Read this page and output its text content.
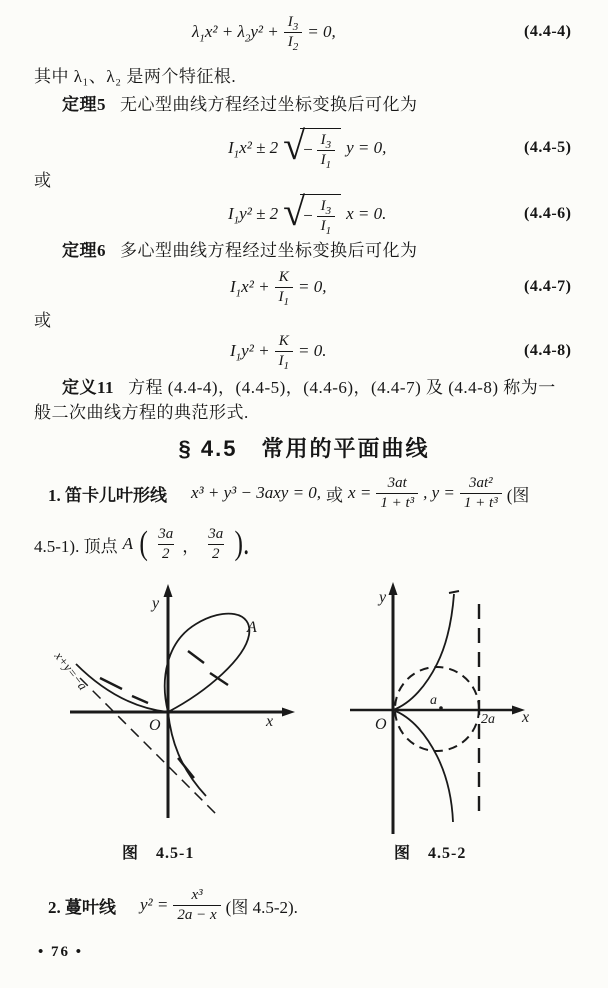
$\lambda_1x^2 + \lambda_2y^2 + \frac{I_3}{I_2} = 0$,	(4.4-4)
其中 λ₁、λ₂ 是两个特征根.
定理5 无心型曲线方程经过坐标变换后可化为
$I_1x^2 \pm 2$ √
− $\frac{I_3}{I_1}$ y = 0,	(4.4-5)
或
$I_1y^2 \pm 2$ √
− $\frac{I_3}{I_1}$ x = 0.	(4.4-6)
定理6 多心型曲线方程经过坐标变换后可化为
$I_1x^2 + \frac{K}{I_1} = 0$,	(4.4-7)
或
$I_1y^2 + \frac{K}{I_1} = 0$.	(4.4-8)
定义11 方程 (4.4-4)，(4.4-5)，(4.4-6)，(4.4-7) 及 (4.4-8) 称为一
般二次曲线方程的典范形式.
§ 4.5　常用的平面曲线
1. 笛卡儿叶形线 x³ + y³ − 3axy = 0, 或 $x = \frac{3at}{\text{1 + t³}}$ , $y = \frac{\text{3at²}}{\text{1 + t³}}$ (图
4.5-1). 顶点 A ( $\frac{3a}{2}$ ， $\frac{3a}{2}$ ).
y
x
O
A
x+y=−a
y
x
O
a
2a
图　4.5-1	图　4.5-2
2. 蔓叶线 $y^2 = \frac{\text{x³}}{2a - x}$ (图 4.5-2).
• 76 •
